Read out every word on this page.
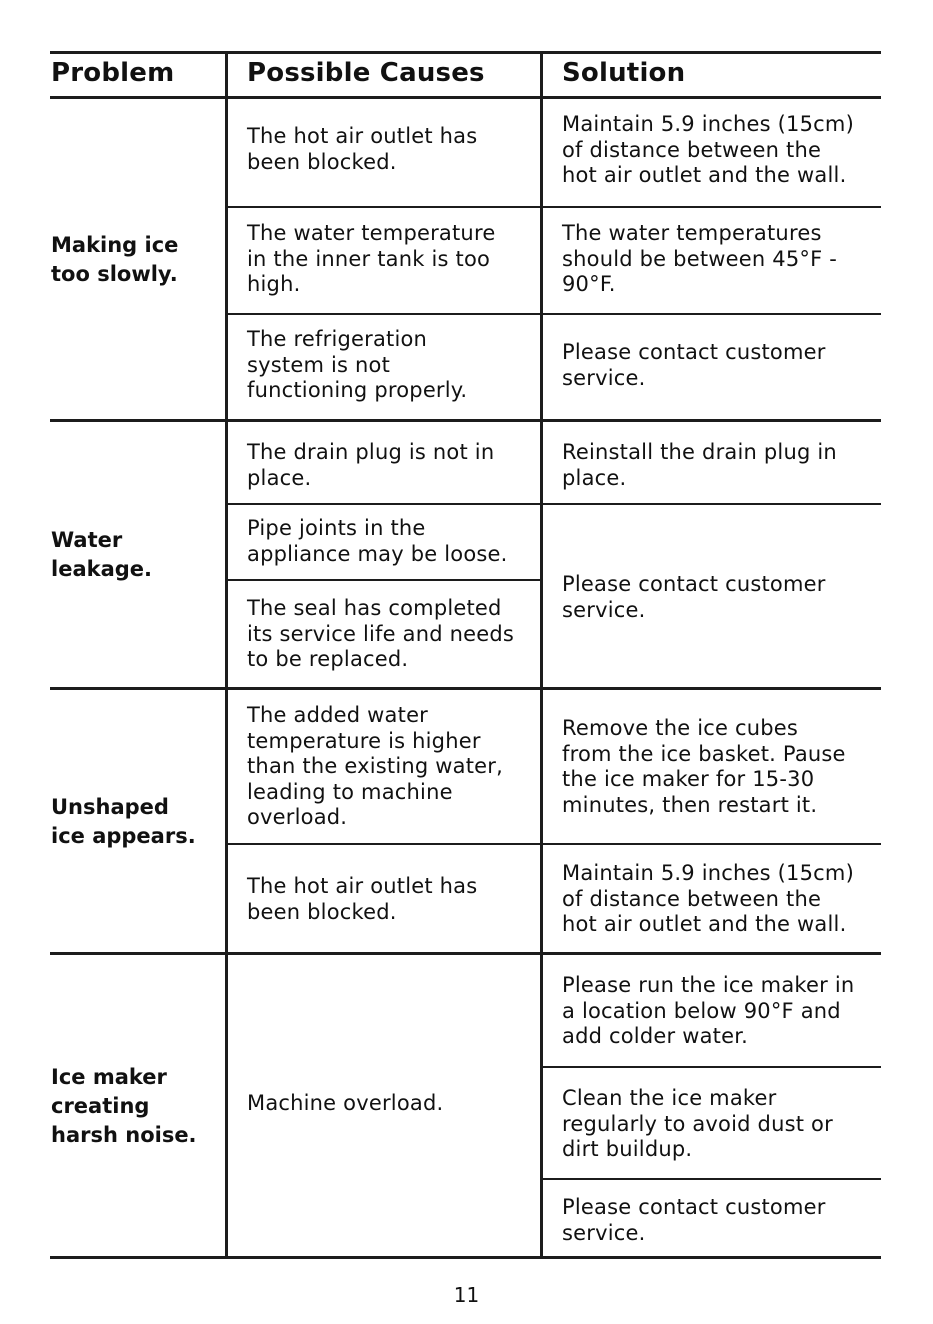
Problem	Possible Causes	Solution
Making ice
too slowly.
The hot air outlet has
been blocked.
Maintain 5.9 inches (15cm)
of distance between the
hot air outlet and the wall.
The water temperature
in the inner tank is too
high.
The water temperatures
should be between 45°F -
90°F.
The refrigeration
system is not
functioning properly.
Please contact customer
service.
Water
leakage.
The drain plug is not in
place.
Reinstall the drain plug in
place.
Pipe joints in the
appliance may be loose.
Please contact customer
service.
The seal has completed
its service life and needs
to be replaced.
Unshaped
ice appears.
The added water
temperature is higher
than the existing water,
leading to machine
overload.
Remove the ice cubes
from the ice basket. Pause
the ice maker for 15-30
minutes, then restart it.
The hot air outlet has
been blocked.
Maintain 5.9 inches (15cm)
of distance between the
hot air outlet and the wall.
Ice maker
creating
harsh noise.
Machine overload.
Please run the ice maker in
a location below 90°F and
add colder water.
Clean the ice maker
regularly to avoid dust or
dirt buildup.
Please contact customer
service.
11
